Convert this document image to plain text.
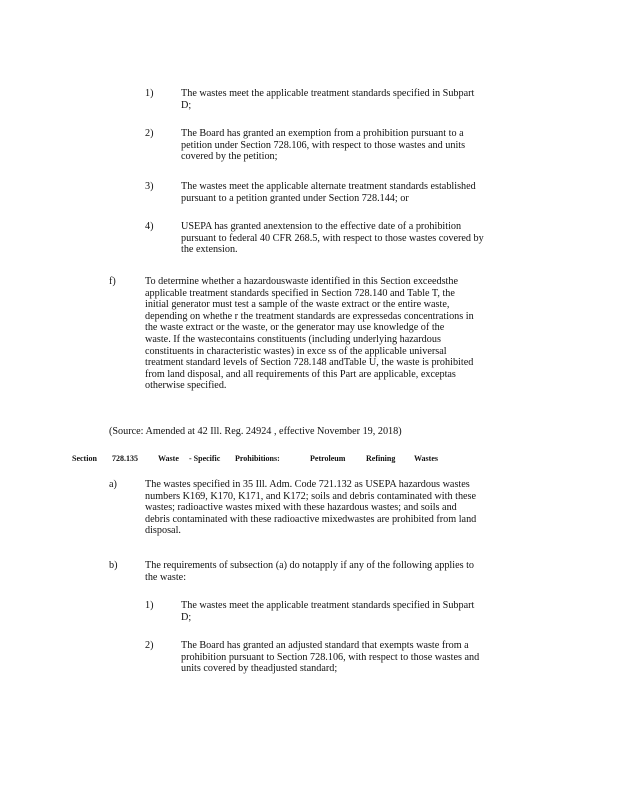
1)	The wastes meet the applicable treatment standards specified in Subpart
D;
2)	The Board has granted an exemption from a prohibition pursuant to a
petition under Section 728.106, with respect to those wastes and units
covered by the petition;
3)	The wastes meet the applicable alternate treatment standards established
pursuant to a petition granted under Section 728.144; or
4)	USEPA has granted anextension to the effective date of a prohibition
pursuant to federal 40 CFR 268.5, with respect to those wastes covered by
the extension.
f)	To determine whether a hazardouswaste identified in this Section exceedsthe
applicable treatment standards specified in Section 728.140 and Table T, the
initial generator must test a sample of the waste extract or the entire waste,
depending on whethe r the treatment standards are expressedas concentrations in
the waste extract or the waste, or the generator may use knowledge of the
waste. If the wastecontains constituents (including underlying hazardous
constituents in characteristic wastes) in exce ss of the applicable universal
treatment standard levels of Section 728.148 andTable U, the waste is prohibited
from land disposal, and all requirements of this Part are applicable, exceptas
otherwise specified.
(Source: Amended at 42 Ill. Reg. 24924 , effective November 19, 2018)
Section 728.135	Waste - Specific Prohibitions:	Petroleum	Refining Wastes
a)	The wastes specified in 35 Ill. Adm. Code 721.132 as USEPA hazardous wastes
numbers K169, K170, K171, and K172; soils and debris contaminated with these
wastes; radioactive wastes mixed with these hazardous wastes; and soils and
debris contaminated with these radioactive mixedwastes are prohibited from land
disposal.
b)	The requirements of subsection (a) do notapply if any of the following applies to
the waste:
1)	The wastes meet the applicable treatment standards specified in Subpart
D;
2)	The Board has granted an adjusted standard that exempts waste from a
prohibition pursuant to Section 728.106, with respect to those wastes and
units covered by theadjusted standard;
